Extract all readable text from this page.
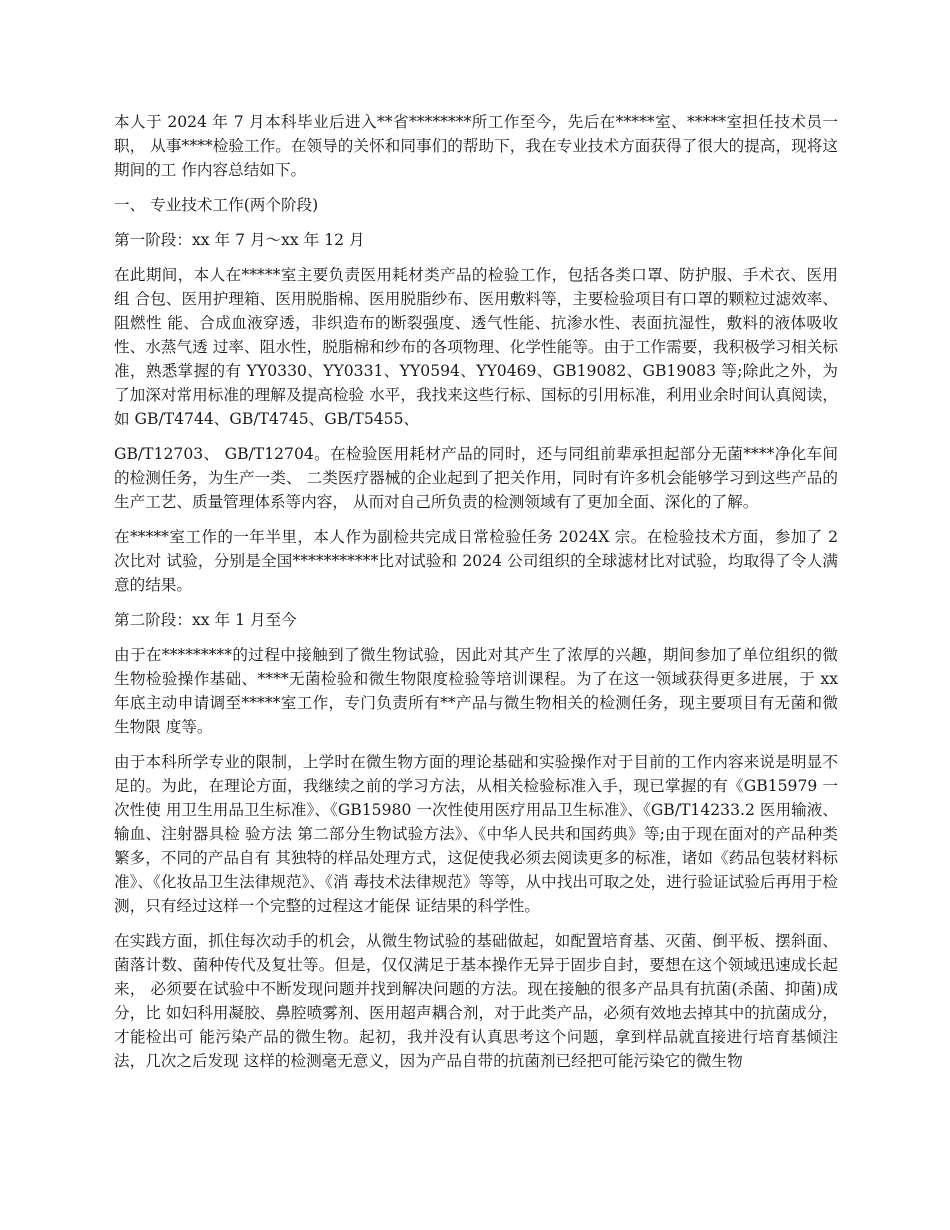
本人于 2024 年 7 月本科毕业后进入**省********所工作至今，先后在*****室、*****室担任技术员一职， 从事****检验工作。在领导的关怀和同事们的帮助下，我在专业技术方面获得了很大的提高，现将这期间的工 作内容总结如下。

一、 专业技术工作(两个阶段)

第一阶段：xx 年 7 月～xx 年 12 月

在此期间，本人在*****室主要负责医用耗材类产品的检验工作，包括各类口罩、防护服、手术衣、医用组 合包、医用护理箱、医用脱脂棉、医用脱脂纱布、医用敷料等，主要检验项目有口罩的颗粒过滤效率、阻燃性 能、合成血液穿透，非织造布的断裂强度、透气性能、抗渗水性、表面抗湿性，敷料的液体吸收性、水蒸气透 过率、阻水性，脱脂棉和纱布的各项物理、化学性能等。由于工作需要，我积极学习相关标准，熟悉掌握的有 YY0330、YY0331、YY0594、YY0469、GB19082、GB19083 等;除此之外，为了加深对常用标准的理解及提高检验 水平，我找来这些行标、国标的引用标准，利用业余时间认真阅读，如 GB/T4744、GB/T4745、GB/T5455、

GB/T12703、 GB/T12704。在检验医用耗材产品的同时，还与同组前辈承担起部分无菌****净化车间的检测任务，为生产一类、 二类医疗器械的企业起到了把关作用，同时有许多机会能够学习到这些产品的生产工艺、质量管理体系等内容， 从而对自己所负责的检测领域有了更加全面、深化的了解。

在*****室工作的一年半里，本人作为副检共完成日常检验任务 2024X 宗。在检验技术方面，参加了 2 次比对 试验，分别是全国***********比对试验和 2024 公司组织的全球滤材比对试验，均取得了令人满意的结果。

第二阶段：xx 年 1 月至今

由于在*********的过程中接触到了微生物试验，因此对其产生了浓厚的兴趣，期间参加了单位组织的微 生物检验操作基础、****无菌检验和微生物限度检验等培训课程。为了在这一领域获得更多进展，于 xx 年底主动申请调至*****室工作，专门负责所有**产品与微生物相关的检测任务，现主要项目有无菌和微生物限 度等。

由于本科所学专业的限制，上学时在微生物方面的理论基础和实验操作对于目前的工作内容来说是明显不 足的。为此，在理论方面，我继续之前的学习方法，从相关检验标准入手，现已掌握的有《GB15979 一次性使 用卫生用品卫生标准》、《GB15980 一次性使用医疗用品卫生标准》、《GB/T14233.2 医用输液、输血、注射器具检 验方法 第二部分生物试验方法》、《中华人民共和国药典》等;由于现在面对的产品种类繁多，不同的产品自有 其独特的样品处理方式，这促使我必须去阅读更多的标准，诸如《药品包装材料标准》、《化妆品卫生法律规范》、《消 毒技术法律规范》等等，从中找出可取之处，进行验证试验后再用于检测，只有经过这样一个完整的过程这才能保 证结果的科学性。

在实践方面，抓住每次动手的机会，从微生物试验的基础做起，如配置培育基、灭菌、倒平板、摆斜面、 菌落计数、菌种传代及复壮等。但是，仅仅满足于基本操作无异于固步自封，要想在这个领域迅速成长起来， 必须要在试验中不断发现问题并找到解决问题的方法。现在接触的很多产品具有抗菌(杀菌、抑菌)成分，比 如妇科用凝胶、鼻腔喷雾剂、医用超声耦合剂，对于此类产品，必须有效地去掉其中的抗菌成分，才能检出可 能污染产品的微生物。起初，我并没有认真思考这个问题，拿到样品就直接进行培育基倾注法，几次之后发现 这样的检测毫无意义，因为产品自带的抗菌剂已经把可能污染它的微生物
